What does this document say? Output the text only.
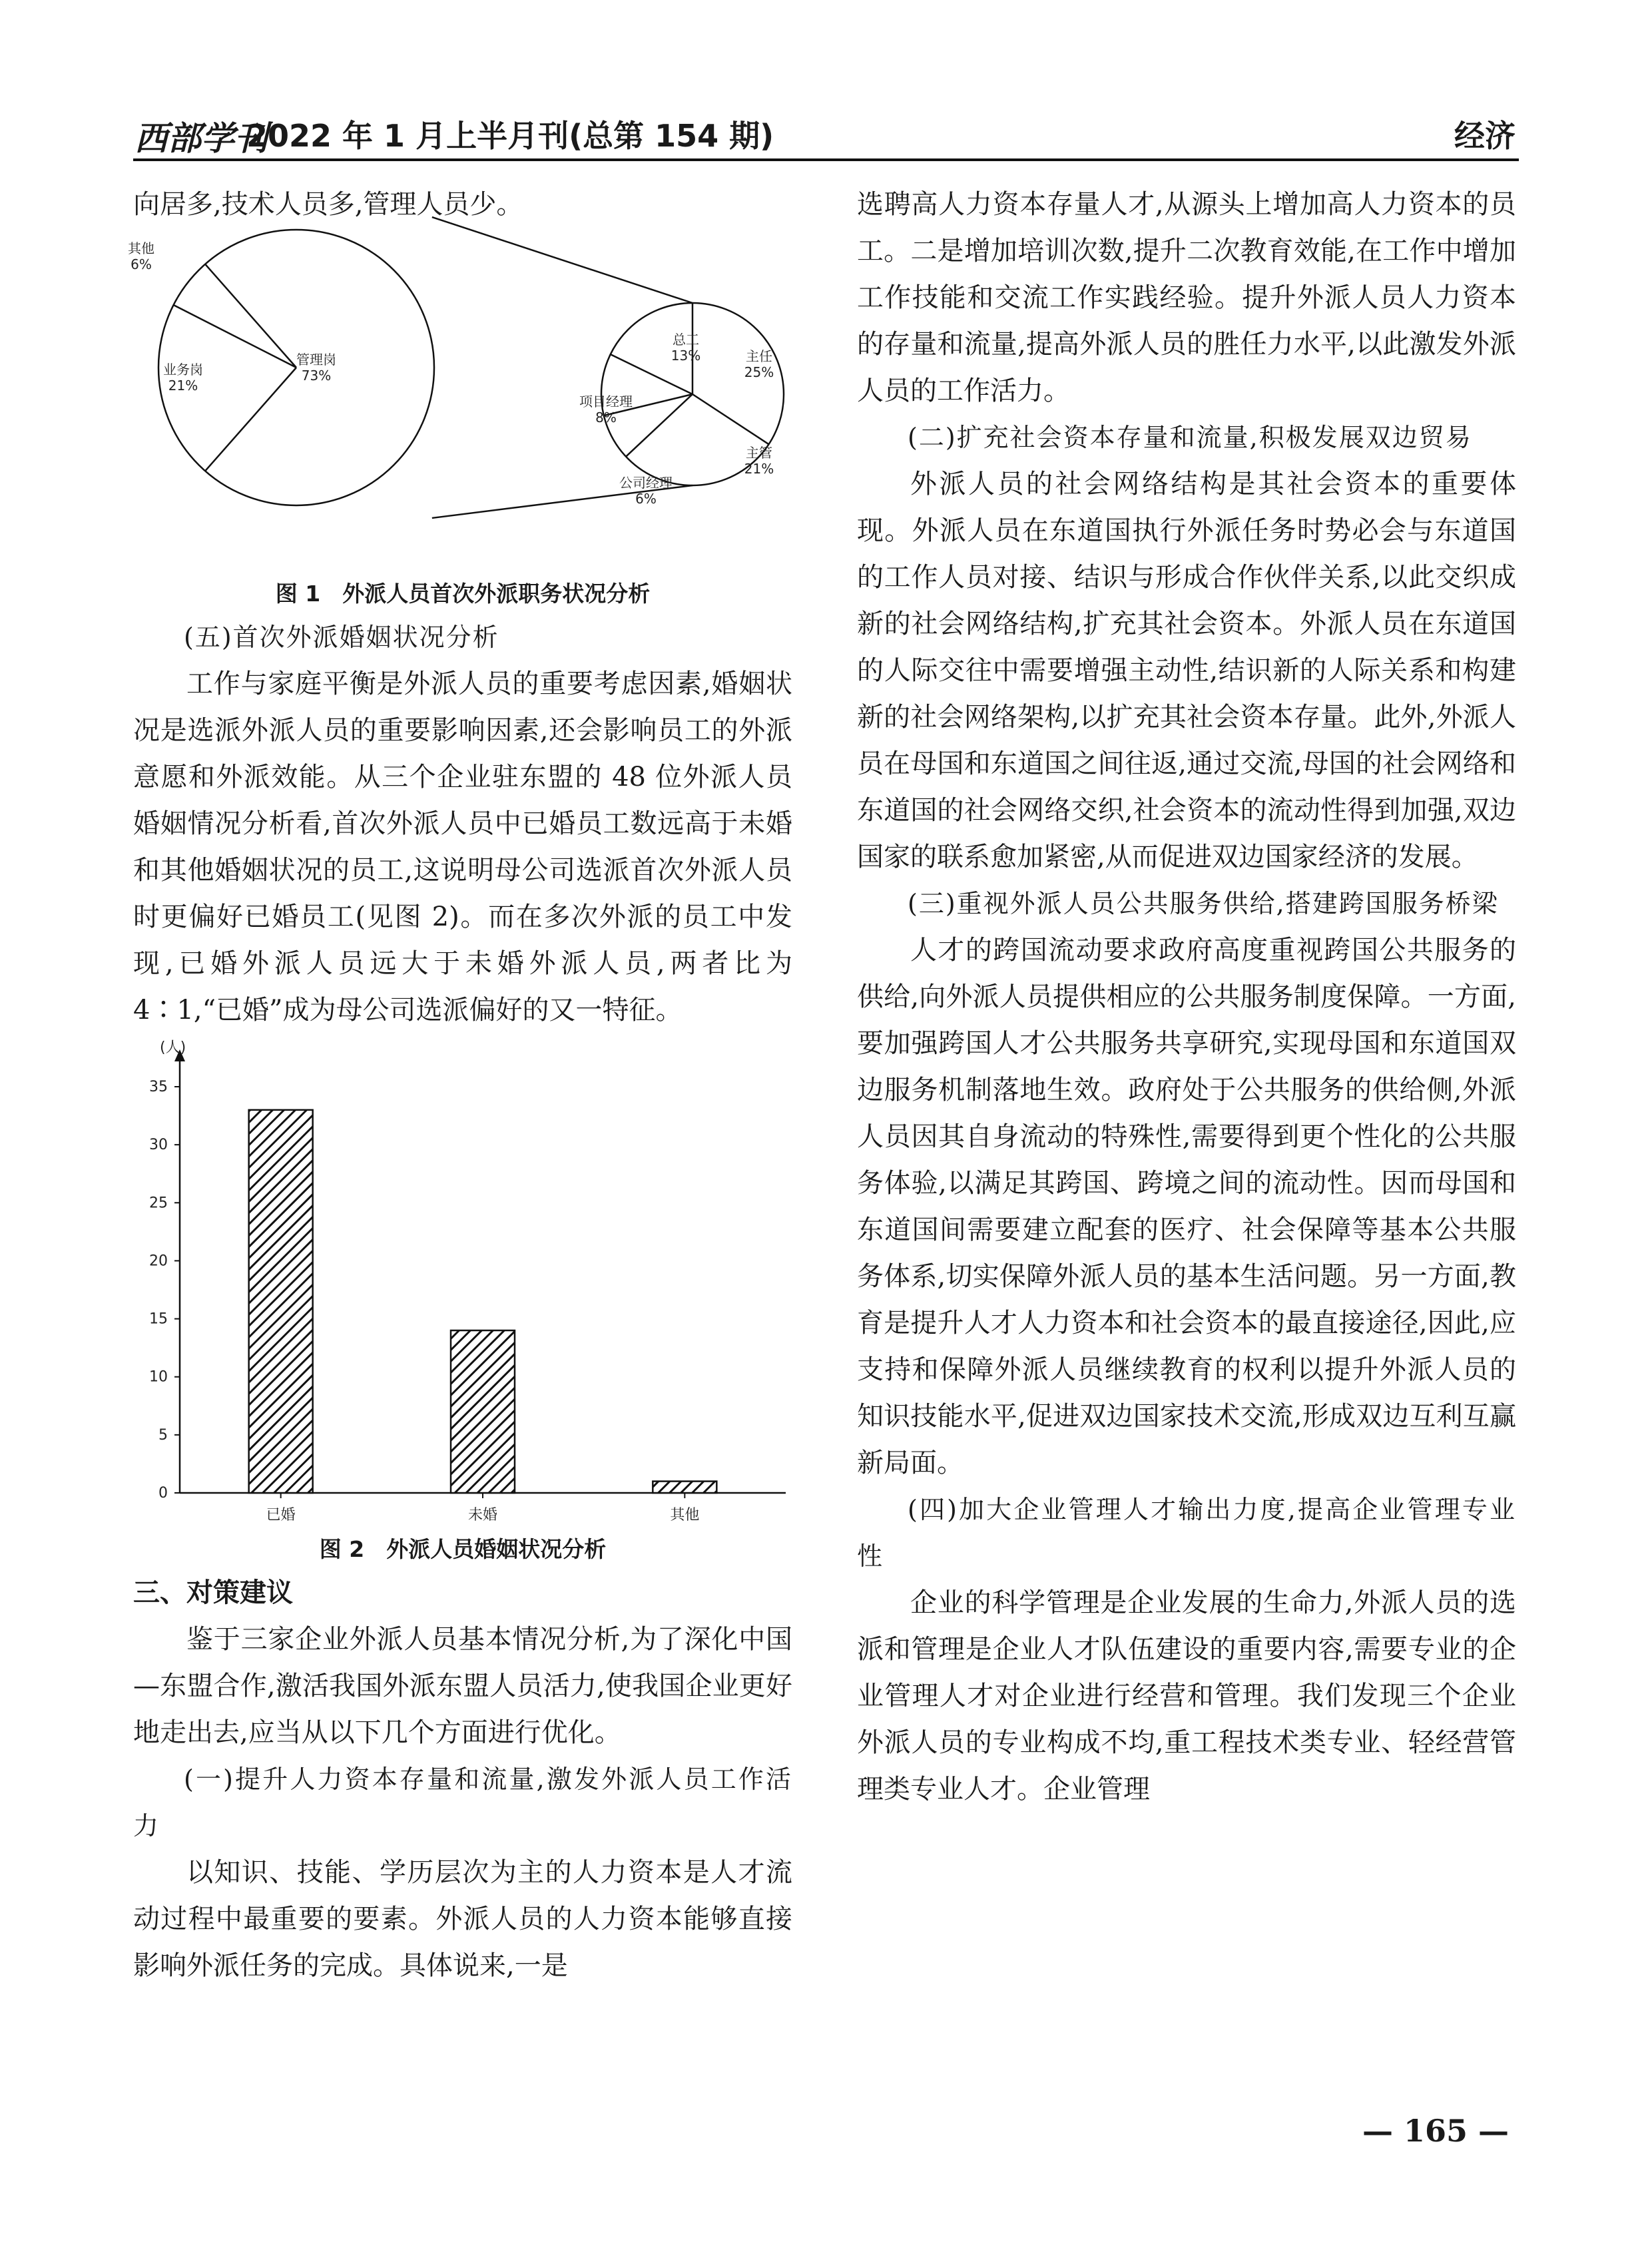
西部学刊
2022 年 1 月上半月刊(总第 154 期)	经济

向居多,技术人员多,管理人员少。

管理岗
73%
业务岗
21%
其他
6%
主任
25%
主管
21%
公司经理
6%
项目经理
8%
总工
13%
图 1　外派人员首次外派职务状况分析

(五)首次外派婚姻状况分析

工作与家庭平衡是外派人员的重要考虑因素,婚姻状况是选派外派人员的重要影响因素,还会影响员工的外派意愿和外派效能。从三个企业驻东盟的 48 位外派人员婚姻情况分析看,首次外派人员中已婚员工数远高于未婚和其他婚姻状况的员工,这说明母公司选派首次外派人员时更偏好已婚员工(见图 2)。而在多次外派的员工中发现,已婚外派人员远大于未婚外派人员,两者比为 4∶1,“已婚”成为母公司选派偏好的又一特征。

(人)
0
5
10
15
20
25
30
35
已婚	未婚	其他
图 2　外派人员婚姻状况分析
三、对策建议

鉴于三家企业外派人员基本情况分析,为了深化中国—东盟合作,激活我国外派东盟人员活力,使我国企业更好地走出去,应当从以下几个方面进行优化。

(一)提升人力资本存量和流量,激发外派人员工作活力

以知识、技能、学历层次为主的人力资本是人才流动过程中最重要的要素。外派人员的人力资本能够直接影响外派任务的完成。具体说来,一是

选聘高人力资本存量人才,从源头上增加高人力资本的员工。二是增加培训次数,提升二次教育效能,在工作中增加工作技能和交流工作实践经验。提升外派人员人力资本的存量和流量,提高外派人员的胜任力水平,以此激发外派人员的工作活力。

(二)扩充社会资本存量和流量,积极发展双边贸易

外派人员的社会网络结构是其社会资本的重要体现。外派人员在东道国执行外派任务时势必会与东道国的工作人员对接、结识与形成合作伙伴关系,以此交织成新的社会网络结构,扩充其社会资本。外派人员在东道国的人际交往中需要增强主动性,结识新的人际关系和构建新的社会网络架构,以扩充其社会资本存量。此外,外派人员在母国和东道国之间往返,通过交流,母国的社会网络和东道国的社会网络交织,社会资本的流动性得到加强,双边国家的联系愈加紧密,从而促进双边国家经济的发展。

(三)重视外派人员公共服务供给,搭建跨国服务桥梁

人才的跨国流动要求政府高度重视跨国公共服务的供给,向外派人员提供相应的公共服务制度保障。一方面,要加强跨国人才公共服务共享研究,实现母国和东道国双边服务机制落地生效。政府处于公共服务的供给侧,外派人员因其自身流动的特殊性,需要得到更个性化的公共服务体验,以满足其跨国、跨境之间的流动性。因而母国和东道国间需要建立配套的医疗、社会保障等基本公共服务体系,切实保障外派人员的基本生活问题。另一方面,教育是提升人才人力资本和社会资本的最直接途径,因此,应支持和保障外派人员继续教育的权利以提升外派人员的知识技能水平,促进双边国家技术交流,形成双边互利互赢新局面。

(四)加大企业管理人才输出力度,提高企业管理专业性

企业的科学管理是企业发展的生命力,外派人员的选派和管理是企业人才队伍建设的重要内容,需要专业的企业管理人才对企业进行经营和管理。我们发现三个企业外派人员的专业构成不均,重工程技术类专业、轻经营管理类专业人才。企业管理

— 165 —
